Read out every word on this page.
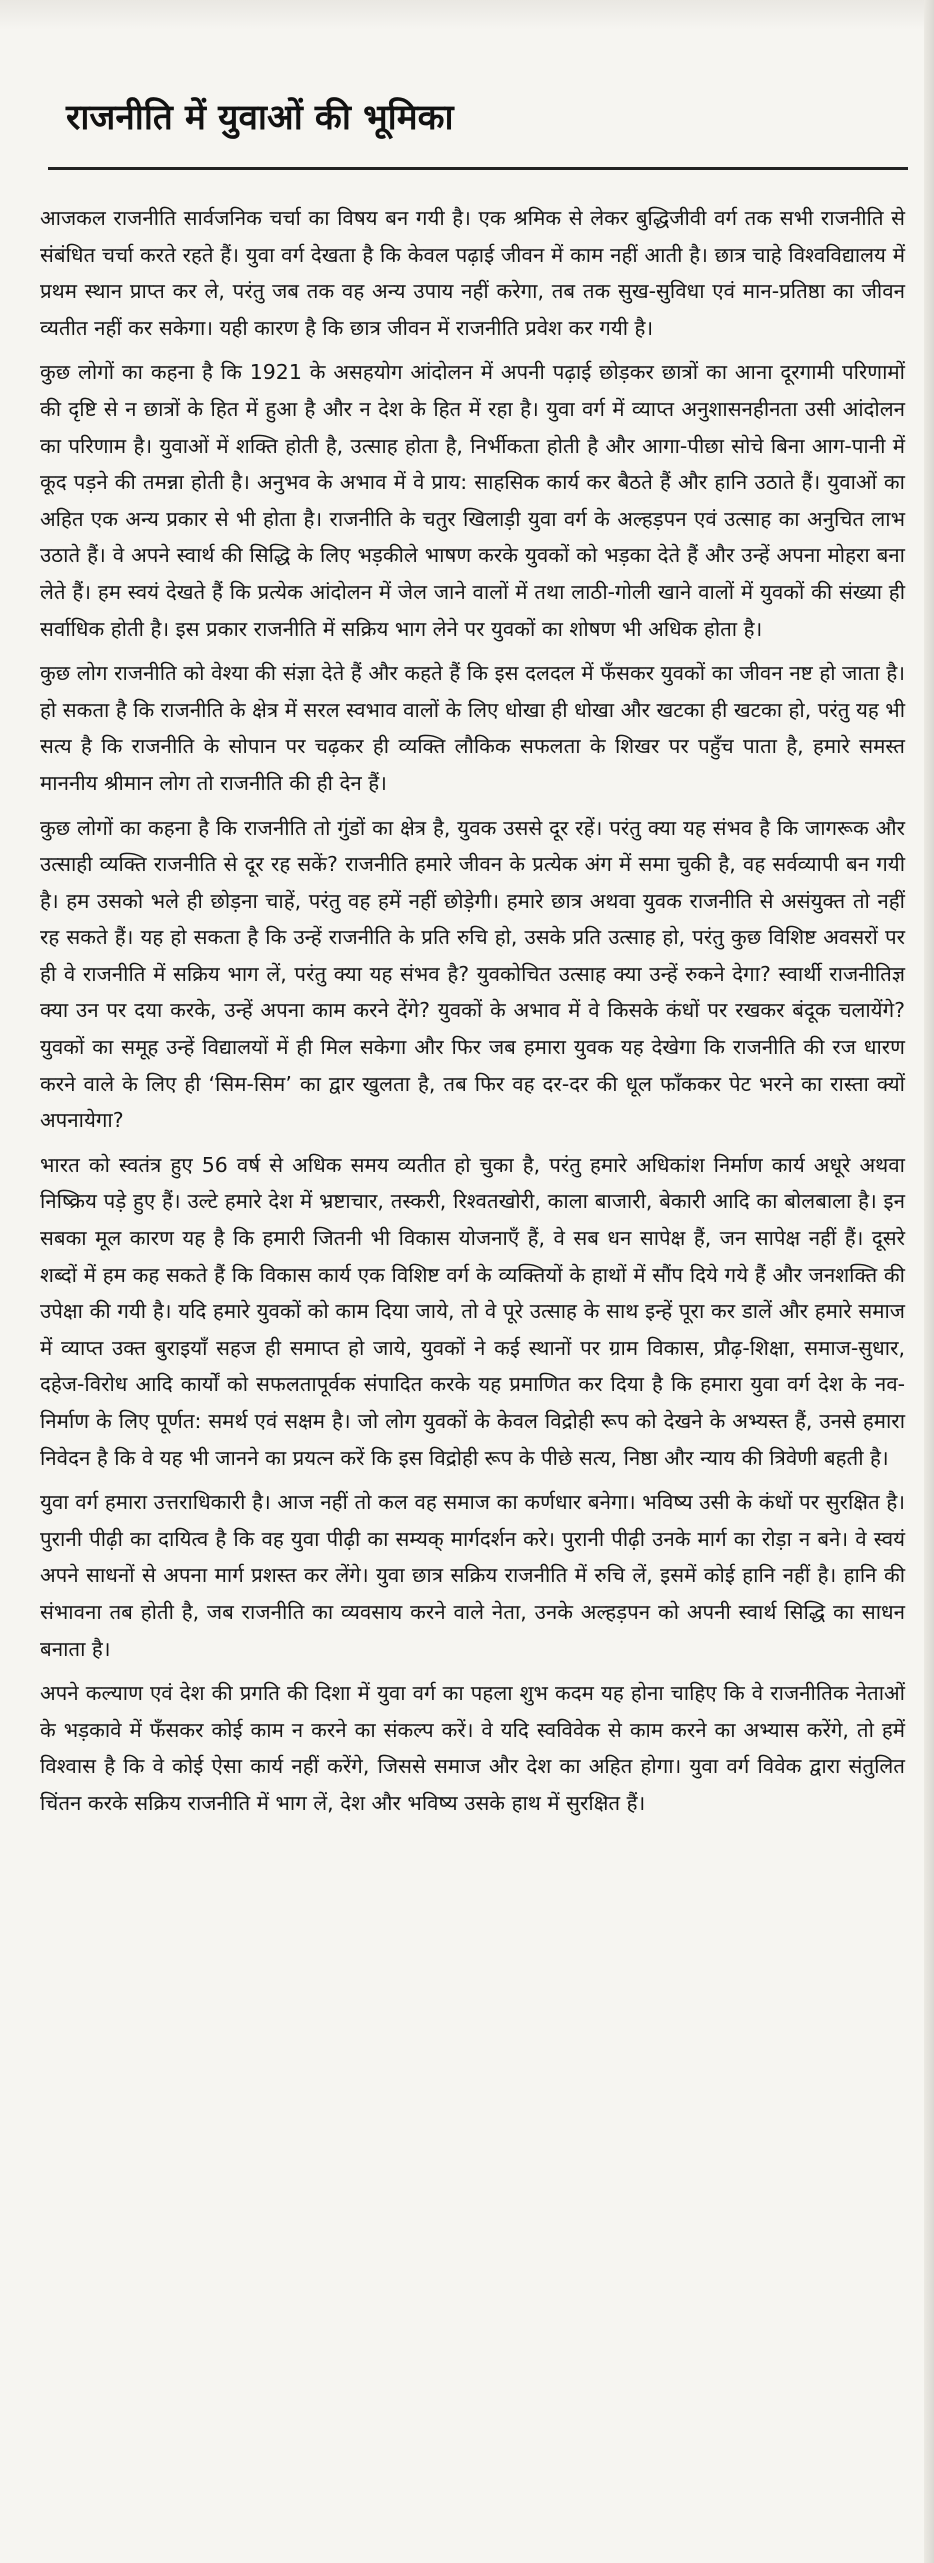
राजनीति में युवाओं की भूमिका

आजकल राजनीति सार्वजनिक चर्चा का विषय बन गयी है। एक श्रमिक से लेकर बुद्धिजीवी वर्ग तक सभी राजनीति से संबंधित चर्चा करते रहते हैं। युवा वर्ग देखता है कि केवल पढ़ाई जीवन में काम नहीं आती है। छात्र चाहे विश्वविद्यालय में प्रथम स्थान प्राप्त कर ले, परंतु जब तक वह अन्य उपाय नहीं करेगा, तब तक सुख-सुविधा एवं मान-प्रतिष्ठा का जीवन व्यतीत नहीं कर सकेगा। यही कारण है कि छात्र जीवन में राजनीति प्रवेश कर गयी है।

कुछ लोगों का कहना है कि 1921 के असहयोग आंदोलन में अपनी पढ़ाई छोड़कर छात्रों का आना दूरगामी परिणामों की दृष्टि से न छात्रों के हित में हुआ है और न देश के हित में रहा है। युवा वर्ग में व्याप्त अनुशासनहीनता उसी आंदोलन का परिणाम है। युवाओं में शक्ति होती है, उत्साह होता है, निर्भीकता होती है और आगा-पीछा सोचे बिना आग-पानी में कूद पड़ने की तमन्ना होती है। अनुभव के अभाव में वे प्राय: साहसिक कार्य कर बैठते हैं और हानि उठाते हैं। युवाओं का अहित एक अन्य प्रकार से भी होता है। राजनीति के चतुर खिलाड़ी युवा वर्ग के अल्हड़पन एवं उत्साह का अनुचित लाभ उठाते हैं। वे अपने स्वार्थ की सिद्धि के लिए भड़कीले भाषण करके युवकों को भड़का देते हैं और उन्हें अपना मोहरा बना लेते हैं। हम स्वयं देखते हैं कि प्रत्येक आंदोलन में जेल जाने वालों में तथा लाठी-गोली खाने वालों में युवकों की संख्या ही सर्वाधिक होती है। इस प्रकार राजनीति में सक्रिय भाग लेने पर युवकों का शोषण भी अधिक होता है।

कुछ लोग राजनीति को वेश्या की संज्ञा देते हैं और कहते हैं कि इस दलदल में फँसकर युवकों का जीवन नष्ट हो जाता है। हो सकता है कि राजनीति के क्षेत्र में सरल स्वभाव वालों के लिए धोखा ही धोखा और खटका ही खटका हो, परंतु यह भी सत्य है कि राजनीति के सोपान पर चढ़कर ही व्यक्ति लौकिक सफलता के शिखर पर पहुँच पाता है, हमारे समस्त माननीय श्रीमान लोग तो राजनीति की ही देन हैं।

कुछ लोगों का कहना है कि राजनीति तो गुंडों का क्षेत्र है, युवक उससे दूर रहें। परंतु क्या यह संभव है कि जागरूक और उत्साही व्यक्ति राजनीति से दूर रह सकें? राजनीति हमारे जीवन के प्रत्येक अंग में समा चुकी है, वह सर्वव्यापी बन गयी है। हम उसको भले ही छोड़ना चाहें, परंतु वह हमें नहीं छोड़ेगी। हमारे छात्र अथवा युवक राजनीति से असंयुक्त तो नहीं रह सकते हैं। यह हो सकता है कि उन्हें राजनीति के प्रति रुचि हो, उसके प्रति उत्साह हो, परंतु कुछ विशिष्ट अवसरों पर ही वे राजनीति में सक्रिय भाग लें, परंतु क्या यह संभव है? युवकोचित उत्साह क्या उन्हें रुकने देगा? स्वार्थी राजनीतिज्ञ क्या उन पर दया करके, उन्हें अपना काम करने देंगे? युवकों के अभाव में वे किसके कंधों पर रखकर बंदूक चलायेंगे? युवकों का समूह उन्हें विद्यालयों में ही मिल सकेगा और फिर जब हमारा युवक यह देखेगा कि राजनीति की रज धारण करने वाले के लिए ही ‘सिम-सिम’ का द्वार खुलता है, तब फिर वह दर-दर की धूल फाँककर पेट भरने का रास्ता क्यों अपनायेगा?

भारत को स्वतंत्र हुए 56 वर्ष से अधिक समय व्यतीत हो चुका है, परंतु हमारे अधिकांश निर्माण कार्य अधूरे अथवा निष्क्रिय पड़े हुए हैं। उल्टे हमारे देश में भ्रष्टाचार, तस्करी, रिश्वतखोरी, काला बाजारी, बेकारी आदि का बोलबाला है। इन सबका मूल कारण यह है कि हमारी जितनी भी विकास योजनाएँ हैं, वे सब धन सापेक्ष हैं, जन सापेक्ष नहीं हैं। दूसरे शब्दों में हम कह सकते हैं कि विकास कार्य एक विशिष्ट वर्ग के व्यक्तियों के हाथों में सौंप दिये गये हैं और जनशक्ति की उपेक्षा की गयी है। यदि हमारे युवकों को काम दिया जाये, तो वे पूरे उत्साह के साथ इन्हें पूरा कर डालें और हमारे समाज में व्याप्त उक्त बुराइयाँ सहज ही समाप्त हो जाये, युवकों ने कई स्थानों पर ग्राम विकास, प्रौढ़-शिक्षा, समाज-सुधार, दहेज-विरोध आदि कार्यों को सफलतापूर्वक संपादित करके यह प्रमाणित कर दिया है कि हमारा युवा वर्ग देश के नव-निर्माण के लिए पूर्णत: समर्थ एवं सक्षम है। जो लोग युवकों के केवल विद्रोही रूप को देखने के अभ्यस्त हैं, उनसे हमारा निवेदन है कि वे यह भी जानने का प्रयत्न करें कि इस विद्रोही रूप के पीछे सत्य, निष्ठा और न्याय की त्रिवेणी बहती है।

युवा वर्ग हमारा उत्तराधिकारी है। आज नहीं तो कल वह समाज का कर्णधार बनेगा। भविष्य उसी के कंधों पर सुरक्षित है। पुरानी पीढ़ी का दायित्व है कि वह युवा पीढ़ी का सम्यक् मार्गदर्शन करे। पुरानी पीढ़ी उनके मार्ग का रोड़ा न बने। वे स्वयं अपने साधनों से अपना मार्ग प्रशस्त कर लेंगे। युवा छात्र सक्रिय राजनीति में रुचि लें, इसमें कोई हानि नहीं है। हानि की संभावना तब होती है, जब राजनीति का व्यवसाय करने वाले नेता, उनके अल्हड़पन को अपनी स्वार्थ सिद्धि का साधन बनाता है।

अपने कल्याण एवं देश की प्रगति की दिशा में युवा वर्ग का पहला शुभ कदम यह होना चाहिए कि वे राजनीतिक नेताओं के भड़कावे में फँसकर कोई काम न करने का संकल्प करें। वे यदि स्वविवेक से काम करने का अभ्यास करेंगे, तो हमें विश्वास है कि वे कोई ऐसा कार्य नहीं करेंगे, जिससे समाज और देश का अहित होगा। युवा वर्ग विवेक द्वारा संतुलित चिंतन करके सक्रिय राजनीति में भाग लें, देश और भविष्य उसके हाथ में सुरक्षित हैं।
